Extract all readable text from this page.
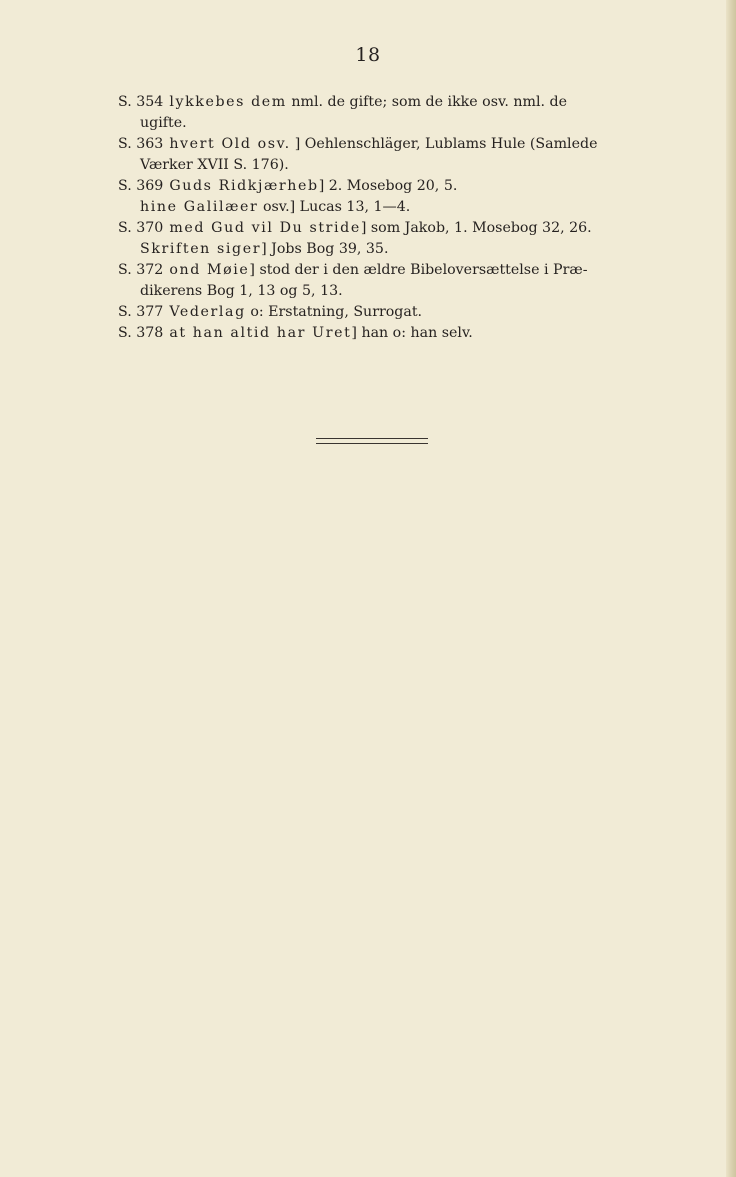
18
S. 354 lykkebes dem nml. de gifte; som de ikke osv. nml. de
ugifte.
S. 363 hvert Old osv. ] Oehlenschläger, Lublams Hule (Samlede
Værker XVII S. 176).
S. 369 Guds Ridkjærheb] 2. Mosebog 20, 5.
hine Galilæer osv.] Lucas 13, 1—4.
S. 370 med Gud vil Du stride] som Jakob, 1. Mosebog 32, 26.
Skriften siger] Jobs Bog 39, 35.
S. 372 ond Møie] stod der i den ældre Bibeloversættelse i Præ-
dikerens Bog 1, 13 og 5, 13.
S. 377 Vederlag o: Erstatning, Surrogat.
S. 378 at han altid har Uret] han o: han selv.
